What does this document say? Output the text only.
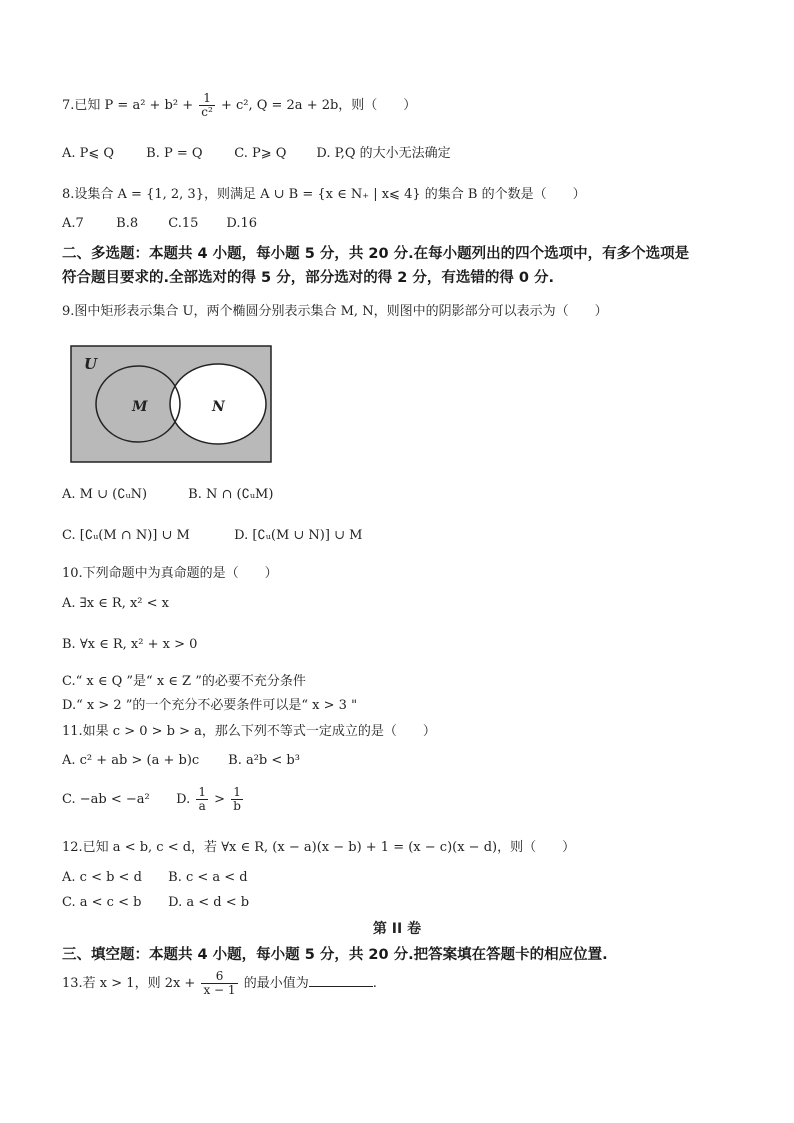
7.已知 $P = a^2 + b^2 + \frac{1}{\text{c²}} + c^2$, Q = 2a + 2b，则（　　）
A. P⩽ Q B. P = Q C. P⩾ Q D. P,Q 的大小无法确定
8.设集合 A = {1, 2, 3}，则满足 A ∪ B = {x ∈ N₊ | x⩽ 4} 的集合 B 的个数是（　　）
A.7 B.8 C.15 D.16
二、多选题：本题共 4 小题，每小题 5 分，共 20 分.在每小题列出的四个选项中，有多个选项是
符合题目要求的.全部选对的得 5 分，部分选对的得 2 分，有选错的得 0 分.
9.图中矩形表示集合 U，两个椭圆分别表示集合 M, N，则图中的阴影部分可以表示为（　　）
U
M	N
A. M ∪ (∁ᵤN)	B. N ∩ (∁ᵤM)
C. [∁ᵤ(M ∩ N)] ∪ M	D. [∁ᵤ(M ∪ N)] ∪ M
10.下列命题中为真命题的是（　　）
A. ∃x ∈ R, x² < x
B. ∀x ∈ R, x² + x > 0
C.“ x ∈ Q ”是“ x ∈ Z ”的必要不充分条件
D.“ x > 2 ”的一个充分不必要条件可以是“ x > 3 "
11.如果 c > 0 > b > a，那么下列不等式一定成立的是（　　）
A. c² + ab > (a + b)c B. a²b < b³
C. −ab < −a² D. $\frac{1}{a} > \frac{1}{b}$
12.已知 a < b, c < d，若 ∀x ∈ R, (x − a)(x − b) + 1 = (x − c)(x − d)，则（　　）
A. c < b < d B. c < a < d
C. a < c < b D. a < d < b
第 II 卷
三、填空题：本题共 4 小题，每小题 5 分，共 20 分.把答案填在答题卡的相应位置.
13.若 x > 1，则 $2x + \frac{6}{x - 1}$ 的最小值为	.
